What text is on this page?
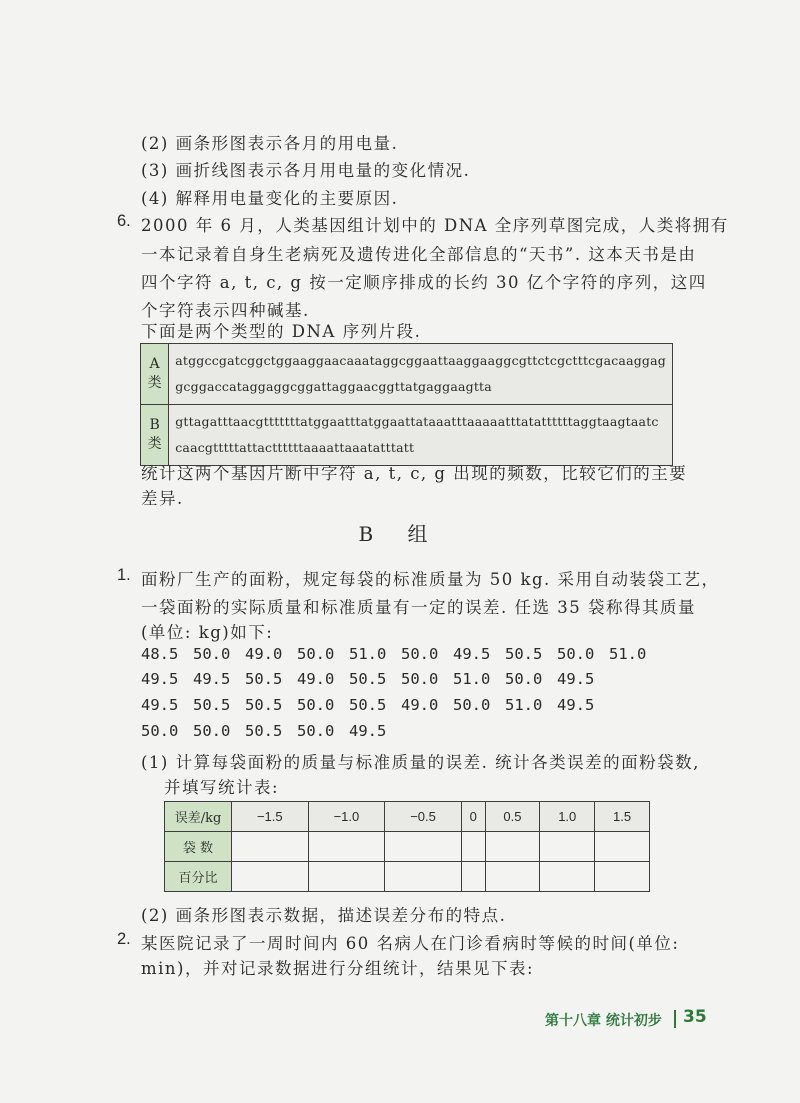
(2) 画条形图表示各月的用电量.
(3) 画折线图表示各月用电量的变化情况.
(4) 解释用电量变化的主要原因.
6. 2000 年 6 月，人类基因组计划中的 DNA 全序列草图完成，人类将拥有
一本记录着自身生老病死及遗传进化全部信息的“天书”. 这本天书是由
四个字符 a, t, c, g 按一定顺序排成的长约 30 亿个字符的序列，这四
个字符表示四种碱基.
下面是两个类型的 DNA 序列片段.
A 类	atggccgatcggctggaaggaacaaataggcggaattaaggaaggcgttctcgctttcgacaaggag
gcggaccataggaggcggattaggaacggttatgaggaagtta

B 类	gttagatttaacgtttttttatggaatttatggaattataaatttaaaaatttatattttttaggtaagtaatc
caacgtttttattacttttttaaaattaaatatttatt
统计这两个基因片断中字符 a, t, c, g 出现的频数，比较它们的主要
差异.
B 组
1. 面粉厂生产的面粉，规定每袋的标准质量为 50 kg. 采用自动装袋工艺，
一袋面粉的实际质量和标准质量有一定的误差. 任选 35 袋称得其质量
(单位: kg)如下:
48.5 50.0 49.0 50.0 51.0 50.0 49.5 50.5 50.0 51.0
49.5 49.5 50.5 49.0 50.5 50.0 51.0 50.0 49.5
49.5 50.5 50.5 50.0 50.5 49.0 50.0 51.0 49.5
50.0 50.0 50.5 50.0 49.5
(1) 计算每袋面粉的质量与标准质量的误差. 统计各类误差的面粉袋数,
并填写统计表:
误差/kg	−1.5	−1.0	−0.5	0	0.5	1.0	1.5
袋 数							
百分比							
(2) 画条形图表示数据，描述误差分布的特点.
2. 某医院记录了一周时间内 60 名病人在门诊看病时等候的时间(单位:
min)，并对记录数据进行分组统计，结果见下表:
第十八章 统计初步 35
